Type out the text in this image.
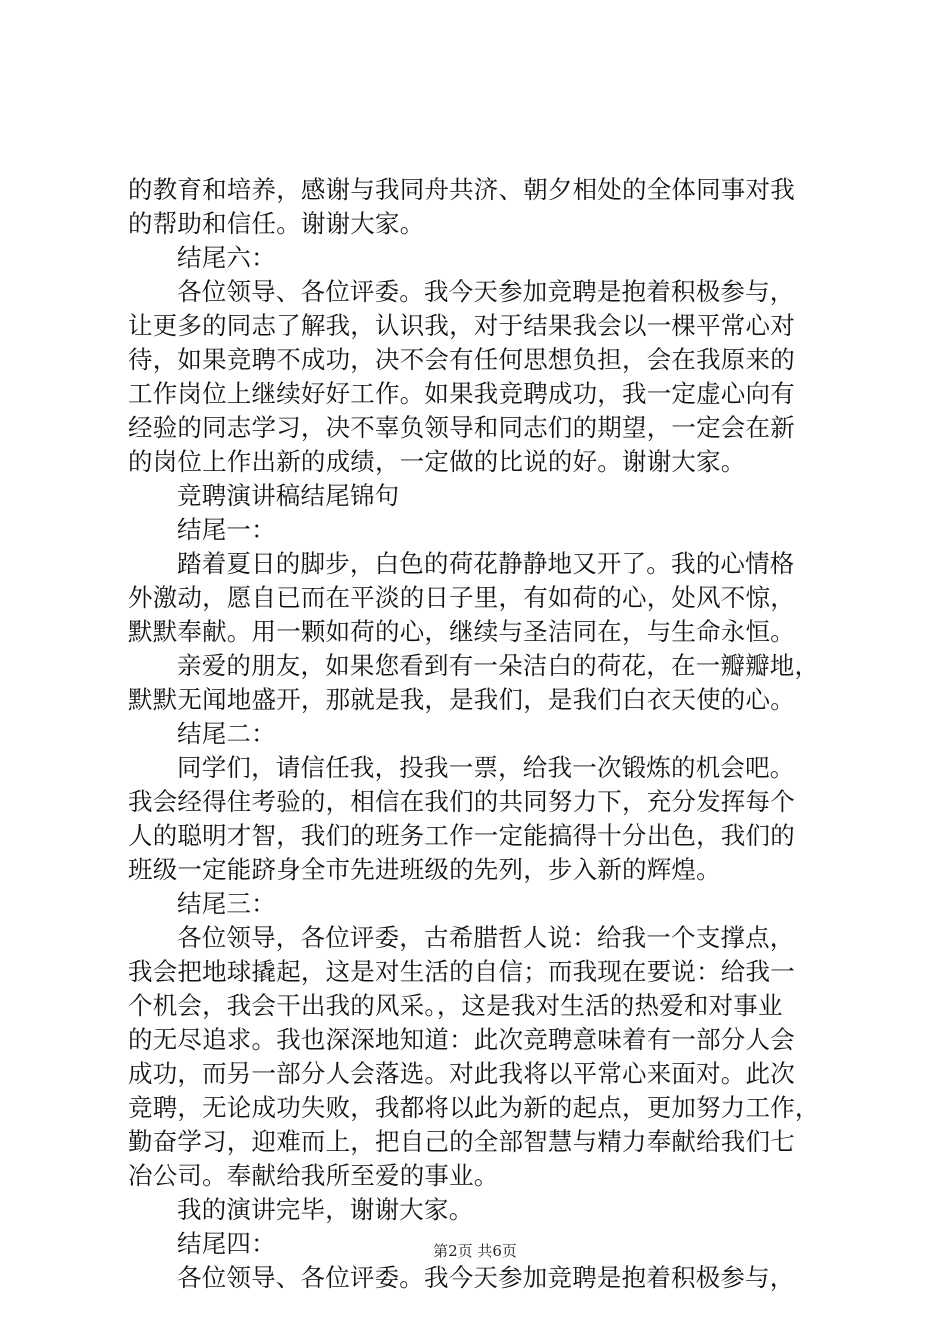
的教育和培养，感谢与我同舟共济、朝夕相处的全体同事对我
的帮助和信任。谢谢大家。
结尾六：
各位领导、各位评委。我今天参加竞聘是抱着积极参与，
让更多的同志了解我，认识我，对于结果我会以一棵平常心对
待，如果竞聘不成功，决不会有任何思想负担，会在我原来的
工作岗位上继续好好工作。如果我竞聘成功，我一定虚心向有
经验的同志学习，决不辜负领导和同志们的期望，一定会在新
的岗位上作出新的成绩，一定做的比说的好。谢谢大家。
竞聘演讲稿结尾锦句
结尾一：
踏着夏日的脚步，白色的荷花静静地又开了。我的心情格
外激动，愿自已而在平淡的日子里，有如荷的心，处风不惊，
默默奉献。用一颗如荷的心，继续与圣洁同在，与生命永恒。
亲爱的朋友，如果您看到有一朵洁白的荷花，在一瓣瓣地，
默默无闻地盛开，那就是我，是我们，是我们白衣天使的心。
结尾二：
同学们，请信任我，投我一票，给我一次锻炼的机会吧。
我会经得住考验的，相信在我们的共同努力下，充分发挥每个
人的聪明才智，我们的班务工作一定能搞得十分出色，我们的
班级一定能跻身全市先进班级的先列，步入新的辉煌。
结尾三：
各位领导，各位评委，古希腊哲人说：给我一个支撑点，
我会把地球撬起，这是对生活的自信；而我现在要说：给我一
个机会，我会干出我的风采。，这是我对生活的热爱和对事业
的无尽追求。我也深深地知道：此次竞聘意味着有一部分人会
成功，而另一部分人会落选。对此我将以平常心来面对。此次
竞聘，无论成功失败，我都将以此为新的起点，更加努力工作，
勤奋学习，迎难而上，把自己的全部智慧与精力奉献给我们七
冶公司。奉献给我所至爱的事业。
我的演讲完毕，谢谢大家。
结尾四：
各位领导、各位评委。我今天参加竞聘是抱着积极参与，
第2页 共6页
